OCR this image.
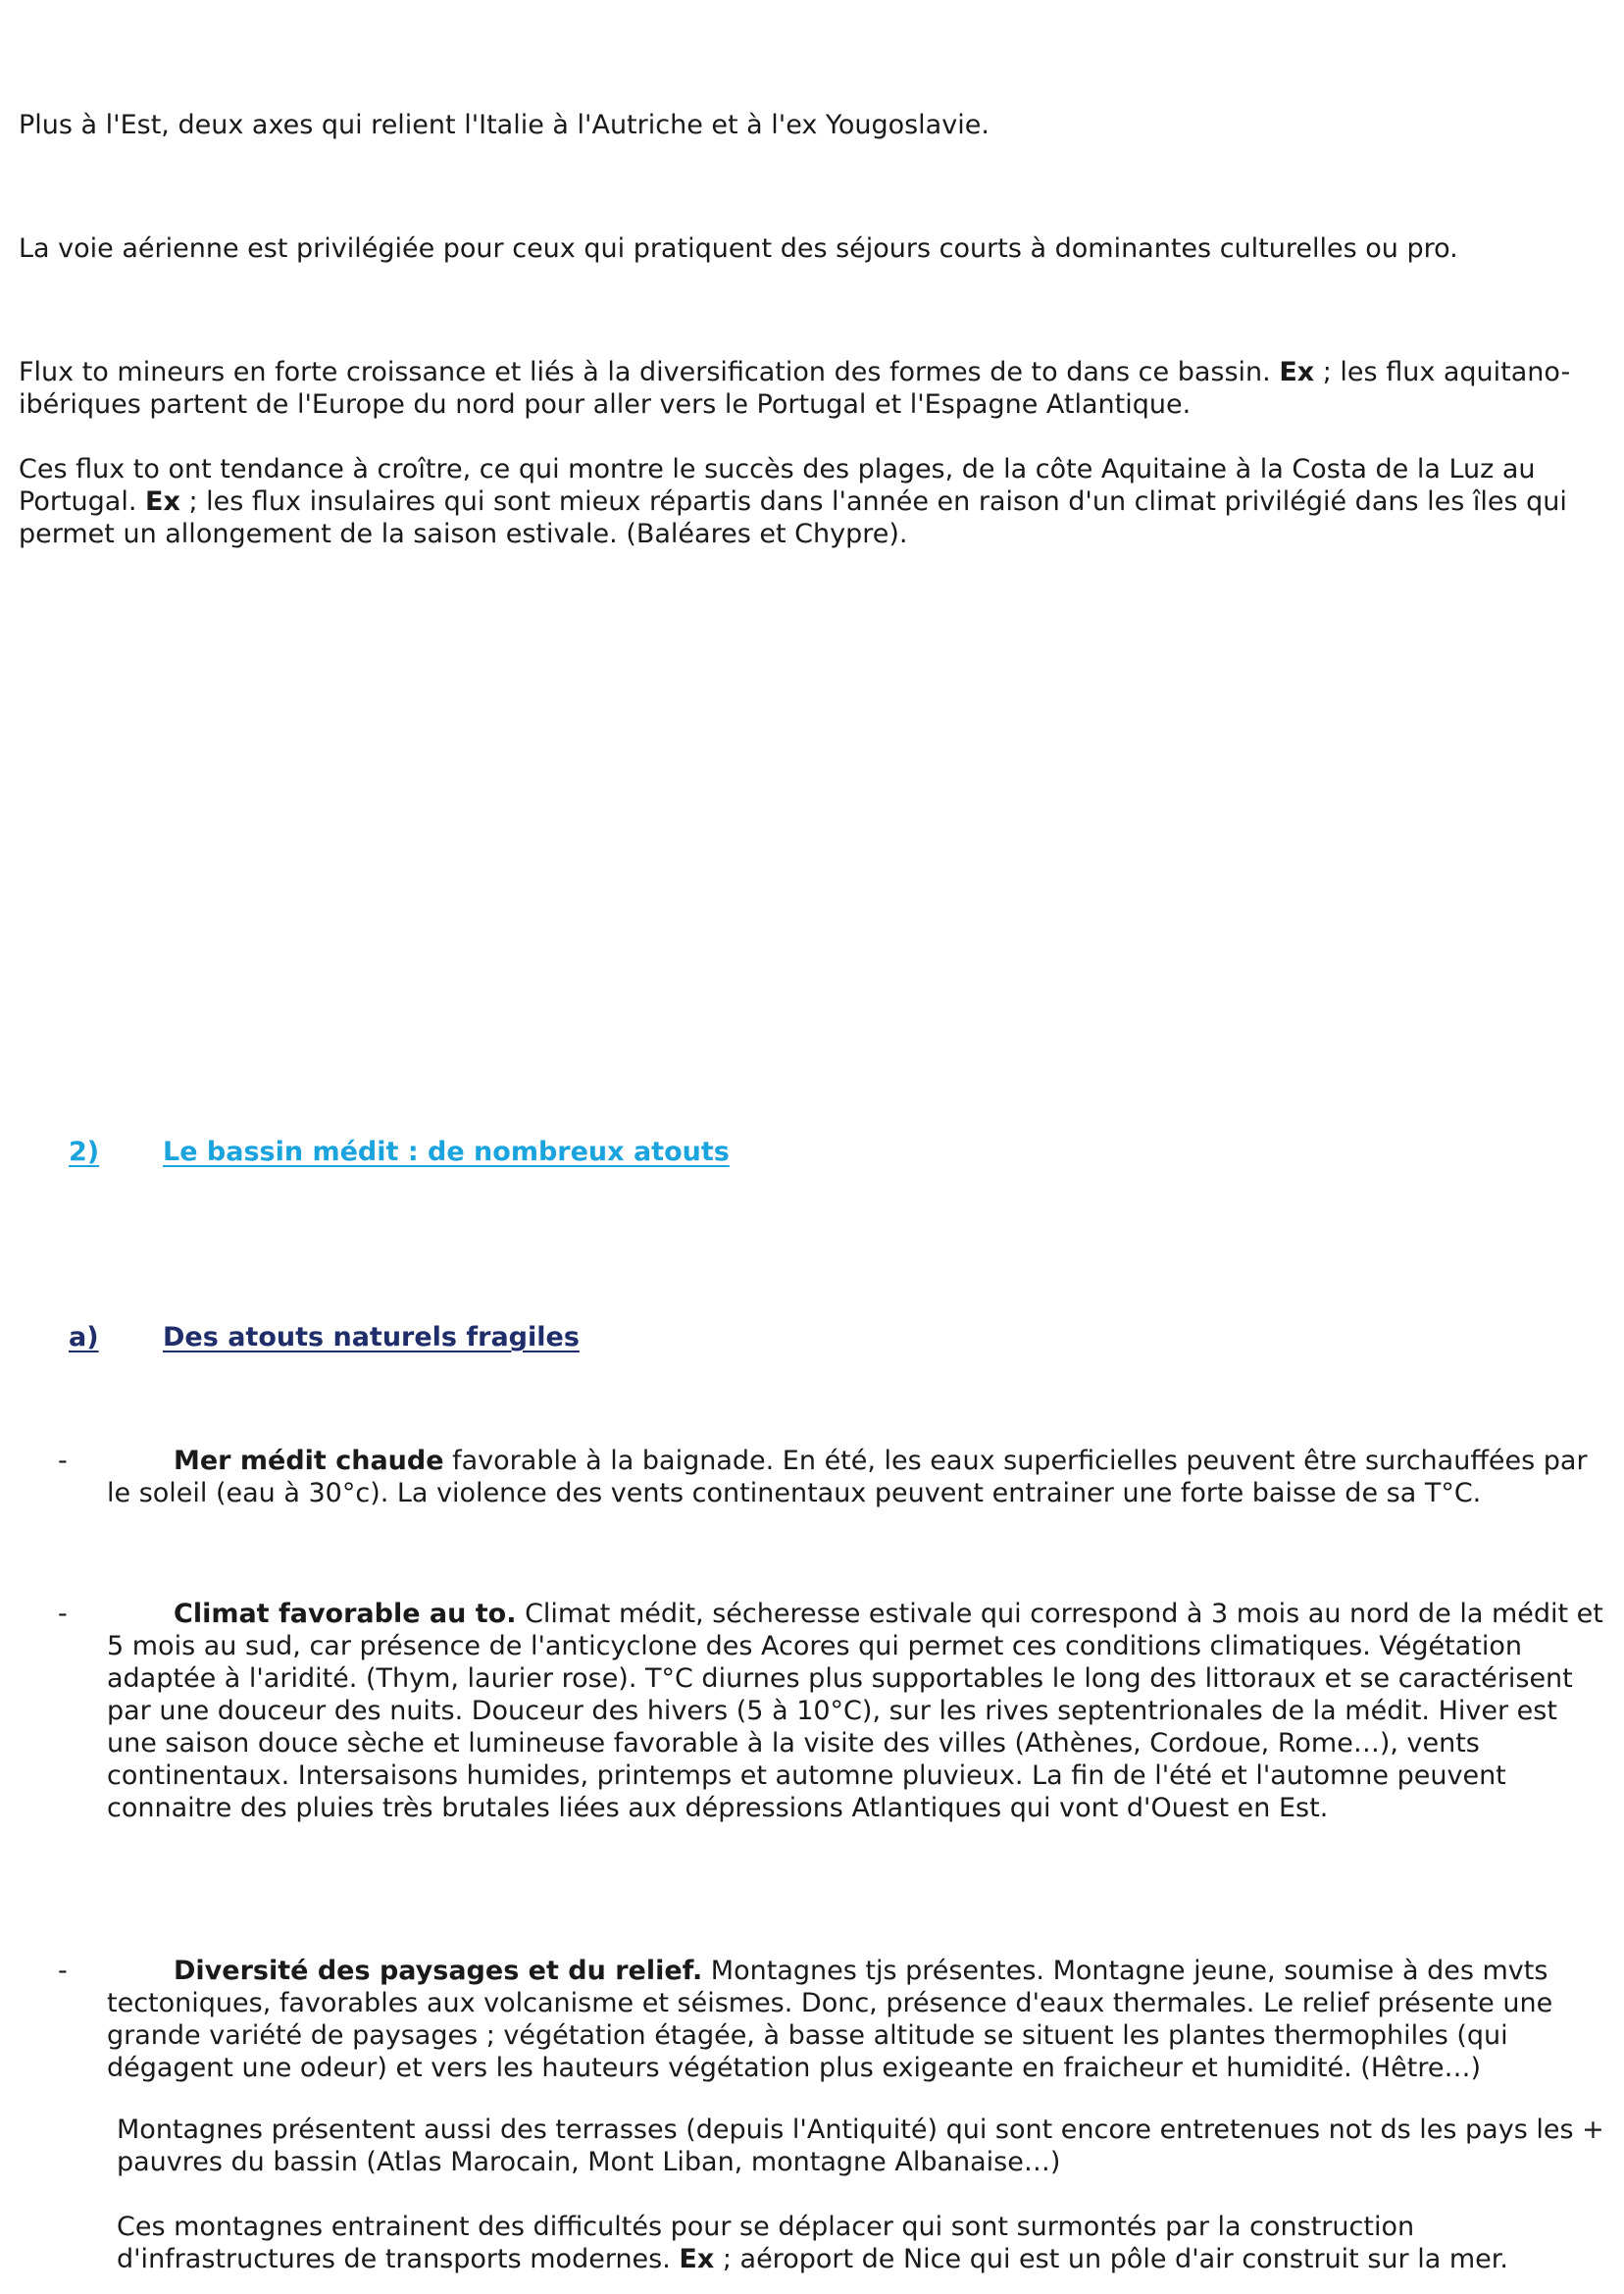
Plus à l'Est, deux axes qui relient l'Italie à l'Autriche et à l'ex Yougoslavie.

La voie aérienne est privilégiée pour ceux qui pratiquent des séjours courts à dominantes culturelles ou pro.

Flux to mineurs en forte croissance et liés à la diversification des formes de to dans ce bassin. Ex ; les flux aquitano-ibériques partent de l'Europe du nord pour aller vers le Portugal et l'Espagne Atlantique.

Ces flux to ont tendance à croître, ce qui montre le succès des plages, de la côte Aquitaine à la Costa de la Luz au Portugal. Ex ; les flux insulaires qui sont mieux répartis dans l'année en raison d'un climat privilégié dans les îles qui permet un allongement de la saison estivale. (Baléares et Chypre).

2)	Le bassin médit : de nombreux atouts
a)	Des atouts naturels fragiles
-	Mer médit chaude favorable à la baignade. En été, les eaux superficielles peuvent être surchauffées par le soleil (eau à 30°c). La violence des vents continentaux peuvent entrainer une forte baisse de sa T°C.

-	Climat favorable au to. Climat médit, sécheresse estivale qui correspond à 3 mois au nord de la médit et 5 mois au sud, car présence de l'anticyclone des Acores qui permet ces conditions climatiques. Végétation adaptée à l'aridité. (Thym, laurier rose). T°C diurnes plus supportables le long des littoraux et se caractérisent par une douceur des nuits. Douceur des hivers (5 à 10°C), sur les rives septentrionales de la médit. Hiver est une saison douce sèche et lumineuse favorable à la visite des villes (Athènes, Cordoue, Rome…), vents continentaux. Intersaisons humides, printemps et automne pluvieux. La fin de l'été et l'automne peuvent connaitre des pluies très brutales liées aux dépressions Atlantiques qui vont d'Ouest en Est.

-	Diversité des paysages et du relief. Montagnes tjs présentes. Montagne jeune, soumise à des mvts tectoniques, favorables aux volcanisme et séismes. Donc, présence d'eaux thermales. Le relief présente une grande variété de paysages ; végétation étagée, à basse altitude se situent les plantes thermophiles (qui dégagent une odeur) et vers les hauteurs végétation plus exigeante en fraicheur et humidité. (Hêtre…)

Montagnes présentent aussi des terrasses (depuis l'Antiquité) qui sont encore entretenues not ds les pays les + pauvres du bassin (Atlas Marocain, Mont Liban, montagne Albanaise…)

Ces montagnes entrainent des difficultés pour se déplacer qui sont surmontés par la construction d'infrastructures de transports modernes. Ex ; aéroport de Nice qui est un pôle d'air construit sur la mer.
